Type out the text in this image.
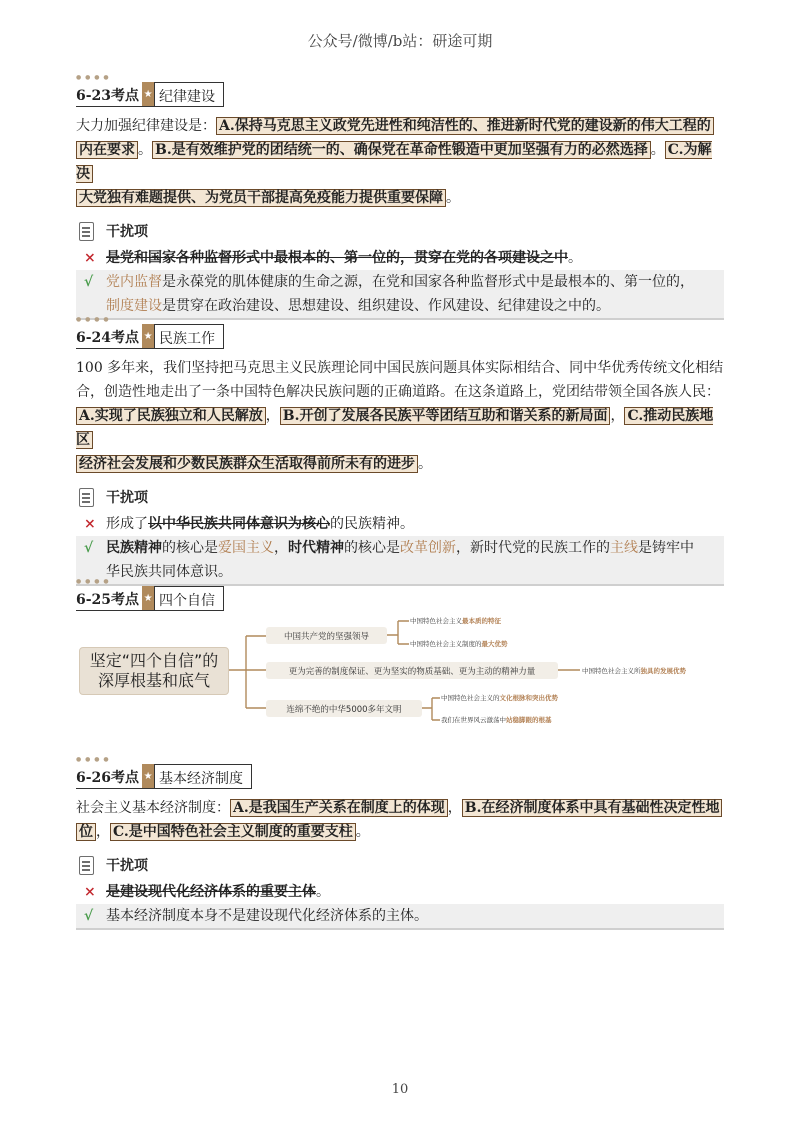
公众号/微博/b站：研途可期
● ● ● ●
6-23考点 ★ 纪律建设
大力加强纪律建设是： A.保持马克思主义政党先进性和纯洁性的、推进新时代党的建设新的伟大工程的
内在要求 。 B.是有效维护党的团结统一的、确保党在革命性锻造中更加坚强有力的必然选择 。 C.为解决
大党独有难题提供、为党员干部提高免疫能力提供重要保障 。
干扰项
× 是党和国家各种监督形式中最根本的、第一位的，贯穿在党的各项建设之中。
√ 党内监督是永葆党的肌体健康的生命之源，在党和国家各种监督形式中是最根本的、第一位的，
制度建设是贯穿在政治建设、思想建设、组织建设、作风建设、纪律建设之中的。
● ● ● ●
6-24考点 ★ 民族工作
100 多年来，我们坚持把马克思主义民族理论同中国民族问题具体实际相结合、同中华优秀传统文化相结
合，创造性地走出了一条中国特色解决民族问题的正确道路。在这条道路上，党团结带领全国各族人民：
A.实现了民族独立和人民解放 ， B.开创了发展各民族平等团结互助和谐关系的新局面 ， C.推动民族地区
经济社会发展和少数民族群众生活取得前所未有的进步 。
干扰项
× 形成了以中华民族共同体意识为核心的民族精神。
√ 民族精神的核心是爱国主义，时代精神的核心是改革创新，新时代党的民族工作的主线是铸牢中
华民族共同体意识。
● ● ● ●
6-25考点 ★ 四个自信
坚定“四个自信”的
深厚根基和底气
中国共产党的坚强领导
中国特色社会主义最本质的特征
中国特色社会主义制度的最大优势
更为完善的制度保证、更为坚实的物质基础、更为主动的精神力量	中国特色社会主义所独具的发展优势
连绵不绝的中华5000多年文明
中国特色社会主义的文化根脉和突出优势
我们在世界风云激荡中站稳脚跟的根基
● ● ● ●
6-26考点 ★ 基本经济制度
社会主义基本经济制度： A.是我国生产关系在制度上的体现 ， B.在经济制度体系中具有基础性决定性地
位 ， C.是中国特色社会主义制度的重要支柱 。
干扰项
× 是建设现代化经济体系的重要主体。
√ 基本经济制度本身不是建设现代化经济体系的主体。
10
